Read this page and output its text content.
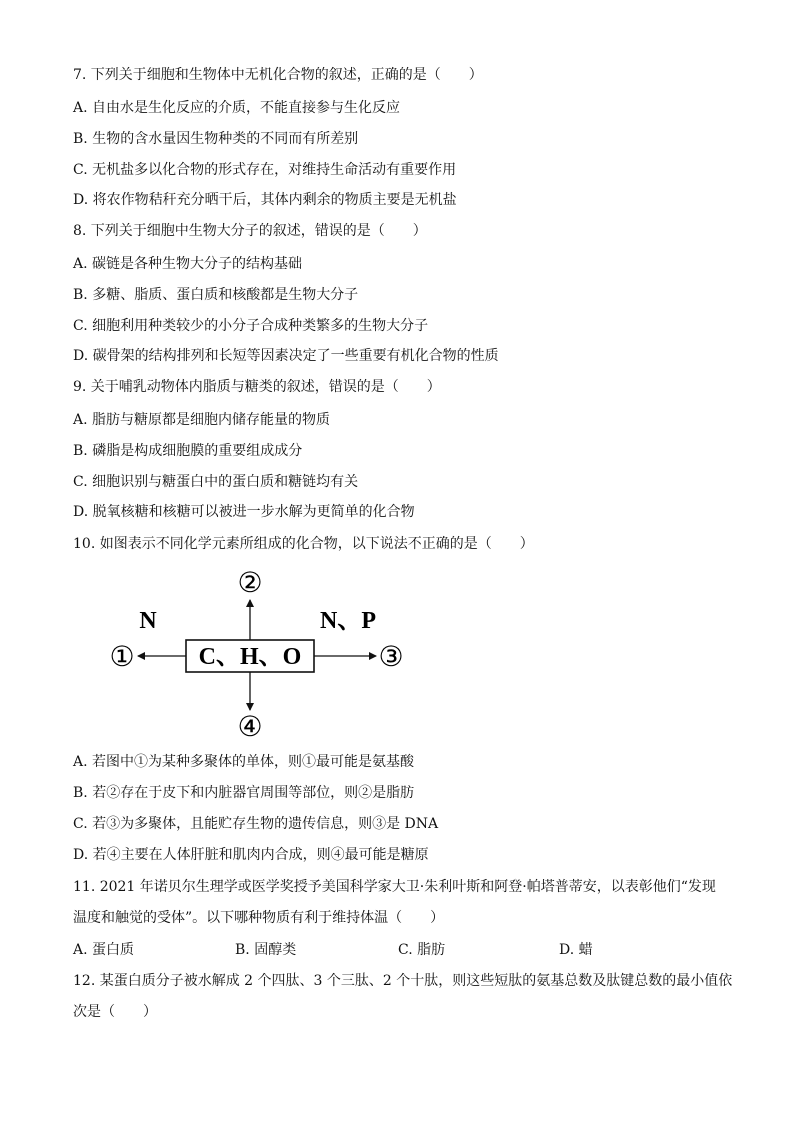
7. 下列关于细胞和生物体中无机化合物的叙述，正确的是（　　）
A. 自由水是生化反应的介质，不能直接参与生化反应
B. 生物的含水量因生物种类的不同而有所差别
C. 无机盐多以化合物的形式存在，对维持生命活动有重要作用
D. 将农作物秸秆充分晒干后，其体内剩余的物质主要是无机盐
8. 下列关于细胞中生物大分子的叙述，错误的是（　　）
A. 碳链是各种生物大分子的结构基础
B. 多糖、脂质、蛋白质和核酸都是生物大分子
C. 细胞利用种类较少的小分子合成种类繁多的生物大分子
D. 碳骨架的结构排列和长短等因素决定了一些重要有机化合物的性质
9. 关于哺乳动物体内脂质与糖类的叙述，错误的是（　　）
A. 脂肪与糖原都是细胞内储存能量的物质
B. 磷脂是构成细胞膜的重要组成成分
C. 细胞识别与糖蛋白中的蛋白质和糖链均有关
D. 脱氧核糖和核糖可以被进一步水解为更简单的化合物
10. 如图表示不同化学元素所组成的化合物，以下说法不正确的是（　　）
C、H、O
N	N、P
②
①	③
④
A. 若图中①为某种多聚体的单体，则①最可能是氨基酸
B. 若②存在于皮下和内脏器官周围等部位，则②是脂肪
C. 若③为多聚体，且能贮存生物的遗传信息，则③是 DNA
D. 若④主要在人体肝脏和肌肉内合成，则④最可能是糖原
11. 2021 年诺贝尔生理学或医学奖授予美国科学家大卫·朱利叶斯和阿登·帕塔普蒂安，以表彰他们“发现
温度和触觉的受体”。以下哪种物质有利于维持体温（　　）
A. 蛋白质	B. 固醇类	C. 脂肪	D. 蜡
12. 某蛋白质分子被水解成 2 个四肽、3 个三肽、2 个十肽，则这些短肽的氨基总数及肽键总数的最小值依
次是（　　）
